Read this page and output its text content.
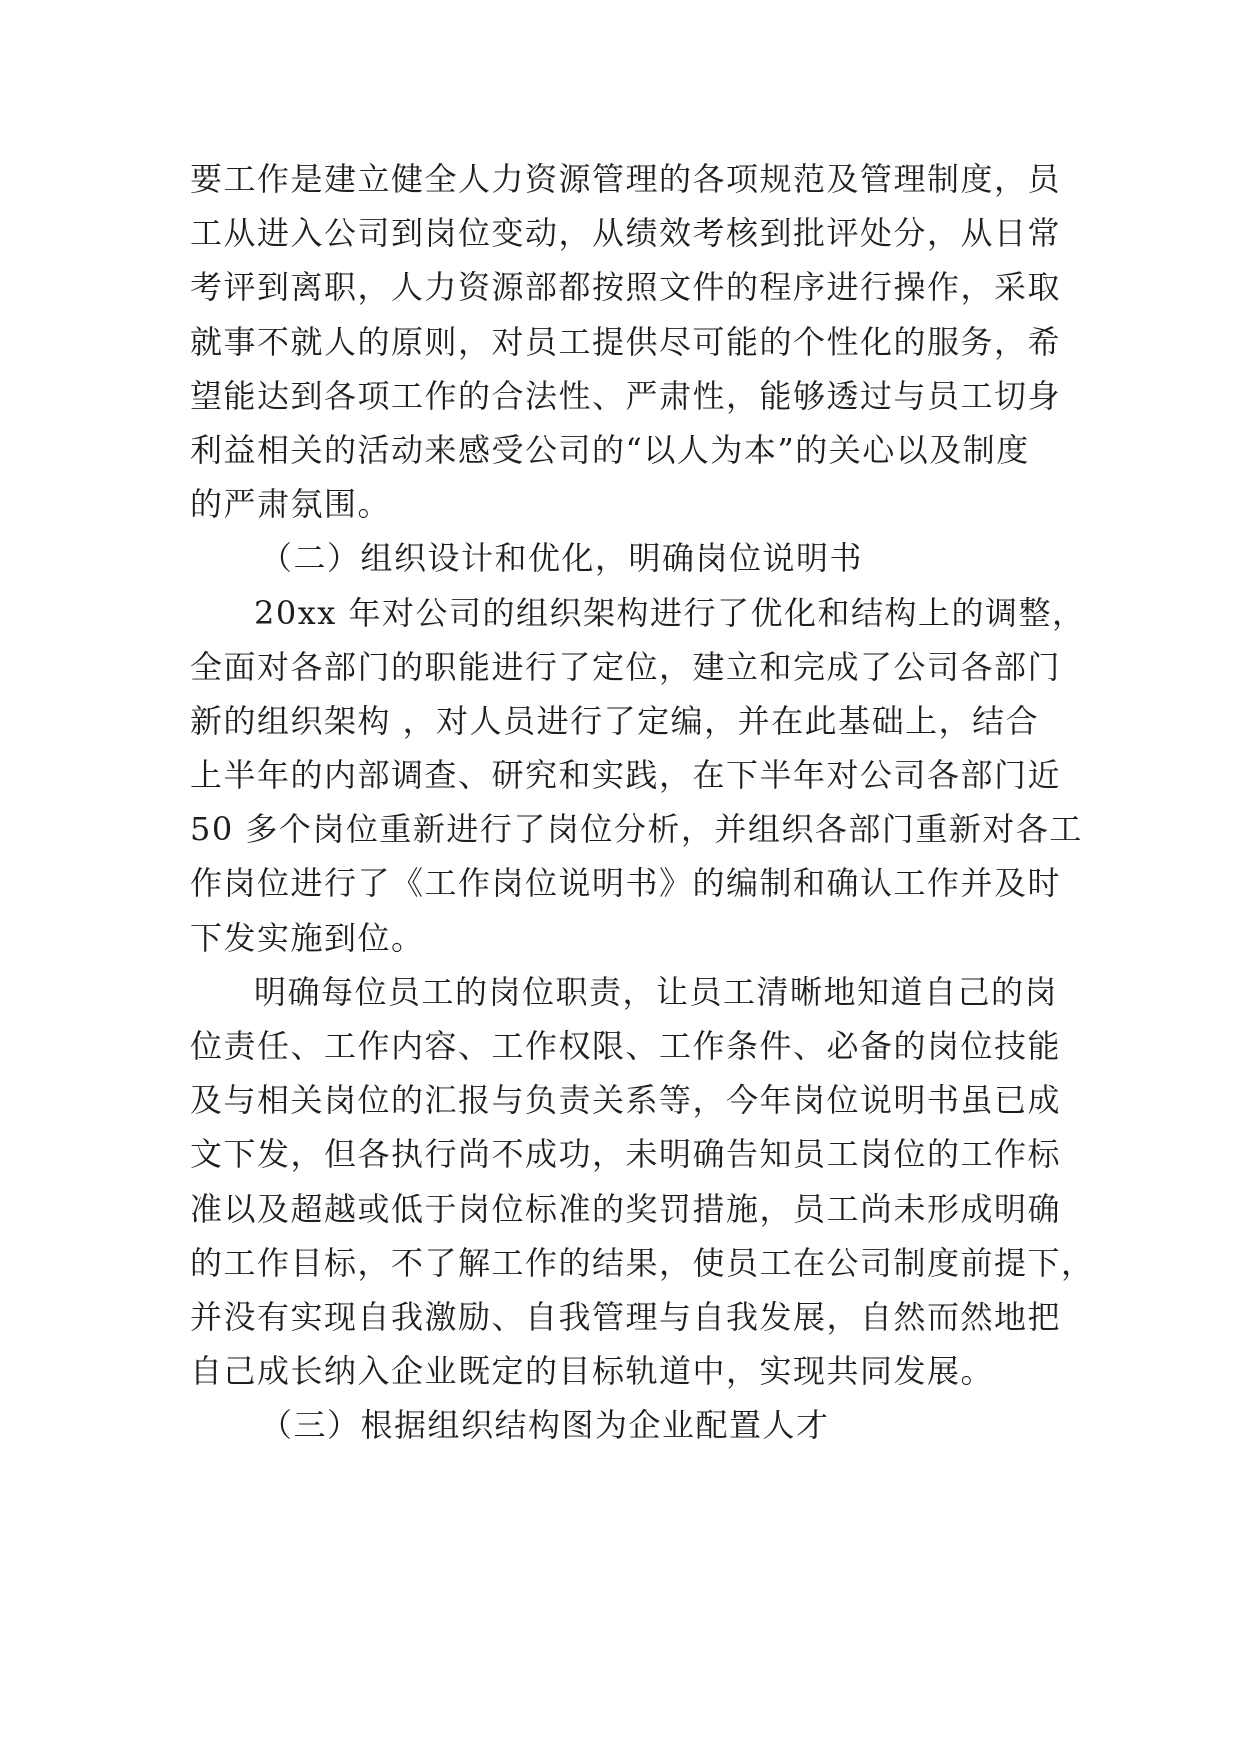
要工作是建立健全人力资源管理的各项规范及管理制度，员
工从进入公司到岗位变动，从绩效考核到批评处分，从日常
考评到离职，人力资源部都按照文件的程序进行操作，采取
就事不就人的原则，对员工提供尽可能的个性化的服务，希
望能达到各项工作的合法性、严肃性，能够透过与员工切身
利益相关的活动来感受公司的“以人为本”的关心以及制度
的严肃氛围。
（二）组织设计和优化，明确岗位说明书
20xx 年对公司的组织架构进行了优化和结构上的调整，
全面对各部门的职能进行了定位，建立和完成了公司各部门
新的组织架构 ，对人员进行了定编，并在此基础上，结合
上半年的内部调查、研究和实践，在下半年对公司各部门近
50 多个岗位重新进行了岗位分析，并组织各部门重新对各工
作岗位进行了《工作岗位说明书》的编制和确认工作并及时
下发实施到位。
明确每位员工的岗位职责，让员工清晰地知道自己的岗
位责任、工作内容、工作权限、工作条件、必备的岗位技能
及与相关岗位的汇报与负责关系等，今年岗位说明书虽已成
文下发，但各执行尚不成功，未明确告知员工岗位的工作标
准以及超越或低于岗位标准的奖罚措施，员工尚未形成明确
的工作目标，不了解工作的结果，使员工在公司制度前提下，
并没有实现自我激励、自我管理与自我发展，自然而然地把
自己成长纳入企业既定的目标轨道中，实现共同发展。
（三）根据组织结构图为企业配置人才
